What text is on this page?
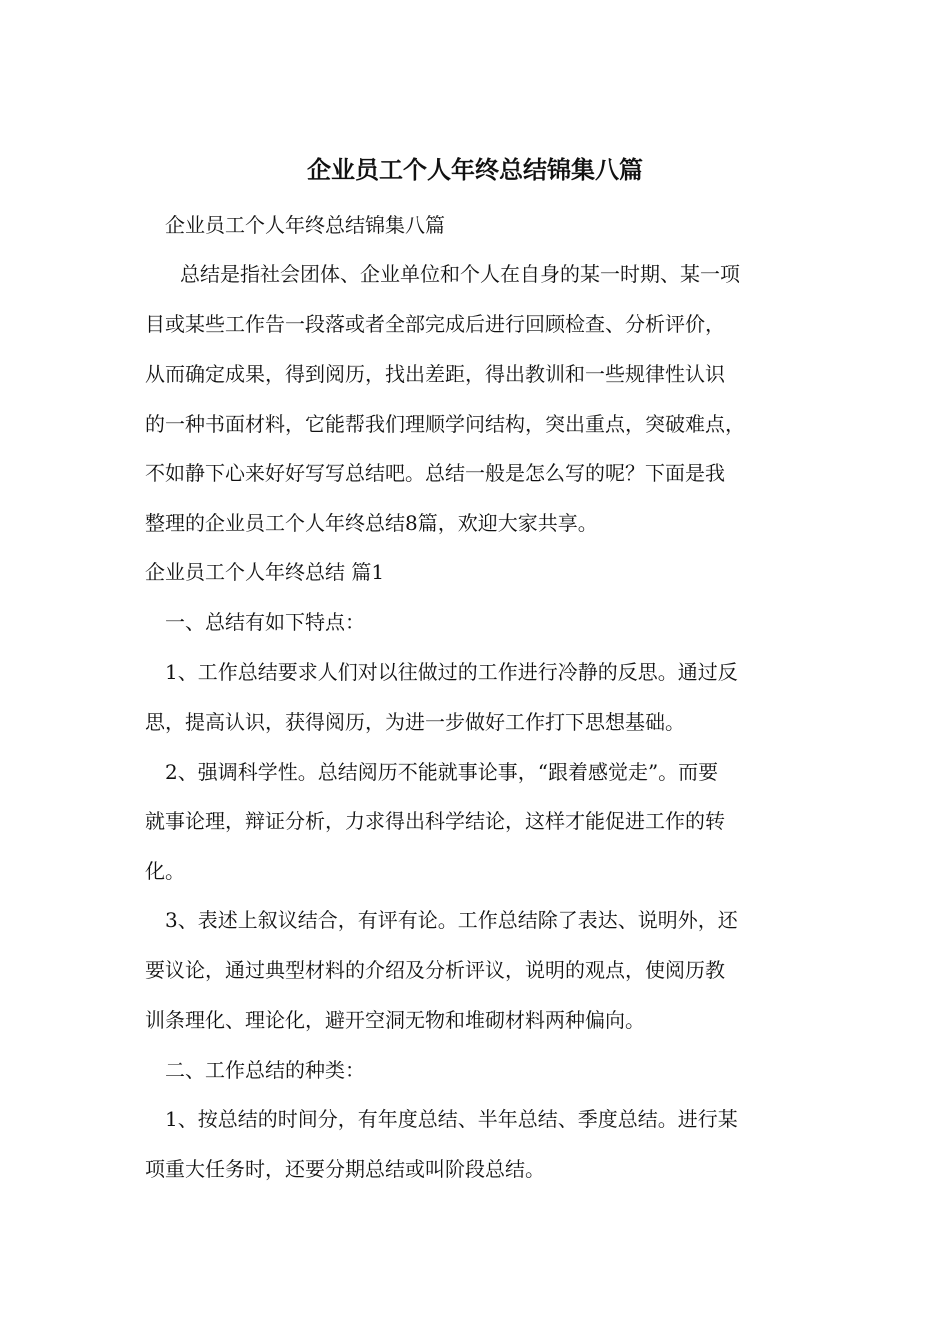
企业员工个人年终总结锦集八篇
企业员工个人年终总结锦集八篇
总结是指社会团体、企业单位和个人在自身的某一时期、某一项
目或某些工作告一段落或者全部完成后进行回顾检查、分析评价，
从而确定成果，得到阅历，找出差距，得出教训和一些规律性认识
的一种书面材料，它能帮我们理顺学问结构，突出重点，突破难点，
不如静下心来好好写写总结吧。总结一般是怎么写的呢？下面是我
整理的企业员工个人年终总结8篇，欢迎大家共享。
企业员工个人年终总结 篇1
一、总结有如下特点：
1、工作总结要求人们对以往做过的工作进行冷静的反思。通过反
思，提高认识，获得阅历，为进一步做好工作打下思想基础。
2、强调科学性。总结阅历不能就事论事，“跟着感觉走”。而要
就事论理，辩证分析，力求得出科学结论，这样才能促进工作的转
化。
3、表述上叙议结合，有评有论。工作总结除了表达、说明外，还
要议论，通过典型材料的介绍及分析评议，说明的观点，使阅历教
训条理化、理论化，避开空洞无物和堆砌材料两种偏向。
二、工作总结的种类：
1、按总结的时间分，有年度总结、半年总结、季度总结。进行某
项重大任务时，还要分期总结或叫阶段总结。
